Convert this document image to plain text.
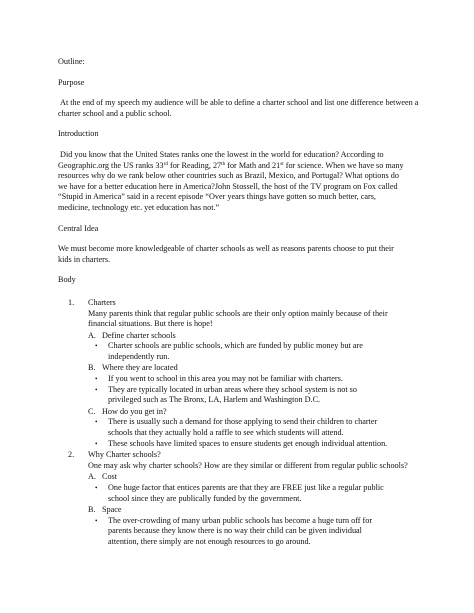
Outline:

Purpose

At the end of my speech my audience will be able to define a charter school and list one difference between a charter school and a public school.

Introduction

Did you know that the United States ranks one the lowest in the world for education? According to
Geographic.org the US ranks 33rd for Reading, 27th for Math and 21st for science. When we have so many
resources why do we rank below other countries such as Brazil, Mexico, and Portugal? What options do
we have for a better education here in America?John Stossell, the host of the TV program on Fox called
“Stupid in America” said in a recent episode “Over years things have gotten so much better, cars,
medicine, technology etc. yet education has not.”

Central Idea

We must become more knowledgeable of charter schools as well as reasons parents choose to put their
kids in charters.

Body

1.	Charters
Many parents think that regular public schools are their only option mainly because of their
financial situations. But there is hope!
A. Define charter schools
•	Charter schools are public schools, which are funded by public money but are
independently run.
B. Where they are located
•	If you went to school in this area you may not be familiar with charters.
•	They are typically located in urban areas where they school system is not so
privileged such as The Bronx, LA, Harlem and Washington D.C.
C. How do you get in?
•	There is usually such a demand for those applying to send their children to charter
schools that they actually hold a raffle to see which students will attend.
•	These schools have limited spaces to ensure students get enough individual attention.
2.	Why Charter schools?
One may ask why charter schools? How are they similar or different from regular public schools?
A. Cost
•	One huge factor that entices parents are that they are FREE just like a regular public
school since they are publically funded by the government.
B. Space
•	The over-crowding of many urban public schools has become a huge turn off for
parents because they know there is no way their child can be given individual
attention, there simply are not enough resources to go around.
